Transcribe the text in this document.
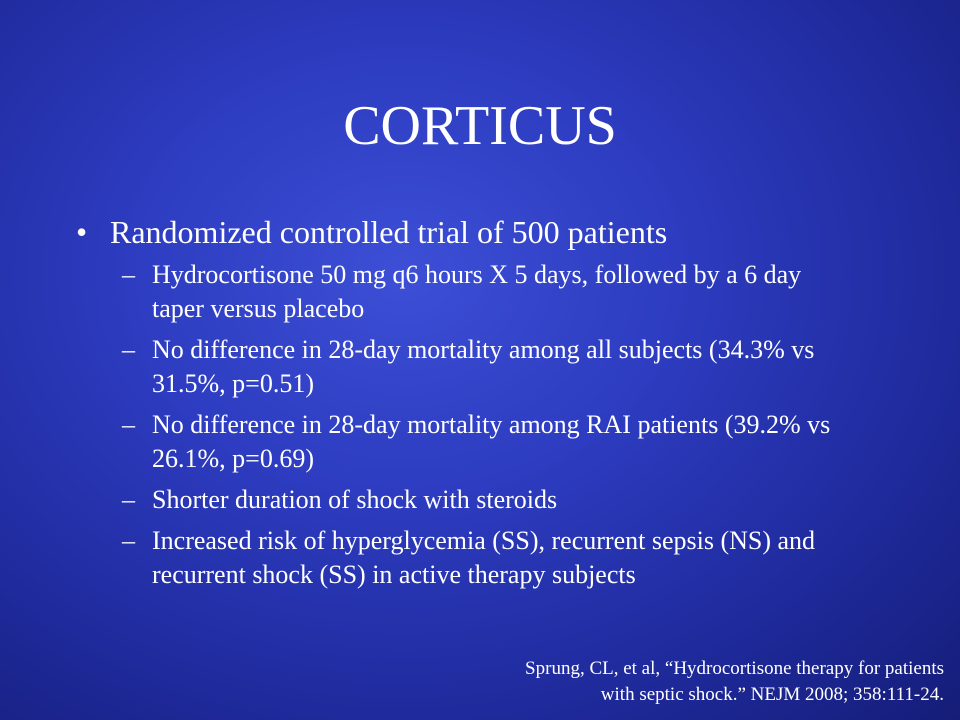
CORTICUS
• Randomized controlled trial of 500 patients
– Hydrocortisone 50 mg q6 hours X 5 days, followed by a 6 day taper versus placebo
– No difference in 28-day mortality among all subjects (34.3% vs 31.5%, p=0.51)
– No difference in 28-day mortality among RAI patients (39.2% vs 26.1%, p=0.69)
– Shorter duration of shock with steroids
– Increased risk of hyperglycemia (SS), recurrent sepsis (NS) and recurrent shock (SS) in active therapy subjects
Sprung, CL, et al, “Hydrocortisone therapy for patients
with septic shock.” NEJM 2008; 358:111-24.
